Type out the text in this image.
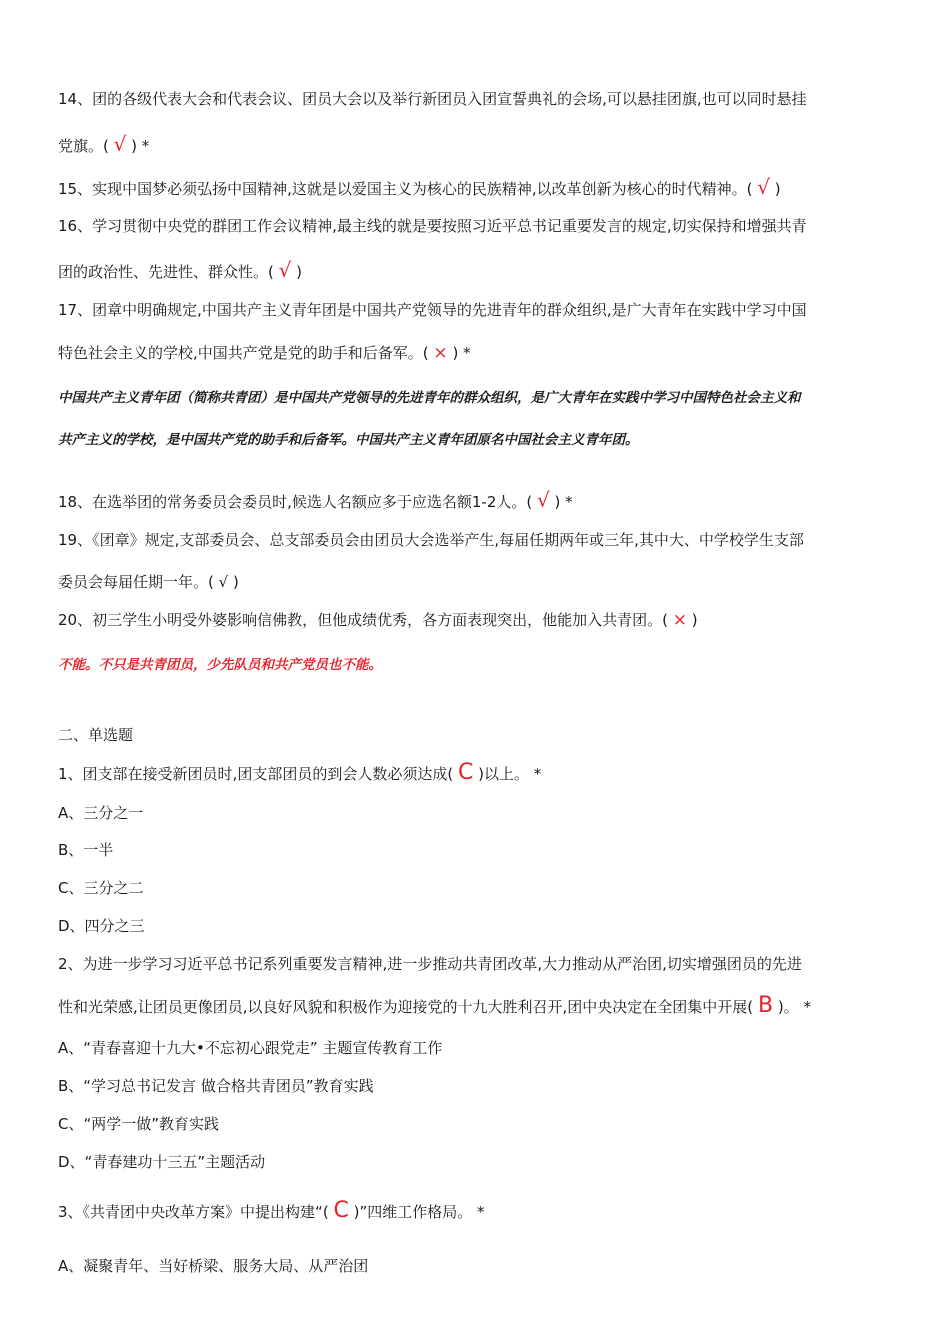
14、团的各级代表大会和代表会议、团员大会以及举行新团员入团宣誓典礼的会场,可以悬挂团旗,也可以同时悬挂
党旗。( √ ) *
15、实现中国梦必须弘扬中国精神,这就是以爱国主义为核心的民族精神,以改革创新为核心的时代精神。( √ )
16、学习贯彻中央党的群团工作会议精神,最主线的就是要按照习近平总书记重要发言的规定,切实保持和增强共青
团的政治性、先进性、群众性。( √ )
17、团章中明确规定,中国共产主义青年团是中国共产党领导的先进青年的群众组织,是广大青年在实践中学习中国
特色社会主义的学校,中国共产党是党的助手和后备军。( × ) *
中国共产主义青年团（简称共青团）是中国共产党领导的先进青年的群众组织，是广大青年在实践中学习中国特色社会主义和
共产主义的学校，是中国共产党的助手和后备军。中国共产主义青年团原名中国社会主义青年团。
18、在选举团的常务委员会委员时,候选人名额应多于应选名额1-2人。( √ ) *
19、《团章》规定,支部委员会、总支部委员会由团员大会选举产生,每届任期两年或三年,其中大、中学校学生支部
委员会每届任期一年。( √ )
20、初三学生小明受外婆影响信佛教，但他成绩优秀，各方面表现突出，他能加入共青团。( × )
不能。不只是共青团员，少先队员和共产党员也不能。
二、单选题
1、团支部在接受新团员时,团支部团员的到会人数必须达成( C )以上。 *
A、三分之一
B、一半
C、三分之二
D、四分之三
2、为进一步学习习近平总书记系列重要发言精神,进一步推动共青团改革,大力推动从严治团,切实增强团员的先进
性和光荣感,让团员更像团员,以良好风貌和积极作为迎接党的十九大胜利召开,团中央决定在全团集中开展( B )。 *
A、“青春喜迎十九大•不忘初心跟党走” 主题宣传教育工作
B、“学习总书记发言 做合格共青团员”教育实践
C、“两学一做”教育实践
D、“青春建功十三五”主题活动
3、《共青团中央改革方案》中提出构建“( C )”四维工作格局。 *
A、凝聚青年、当好桥梁、服务大局、从严治团
